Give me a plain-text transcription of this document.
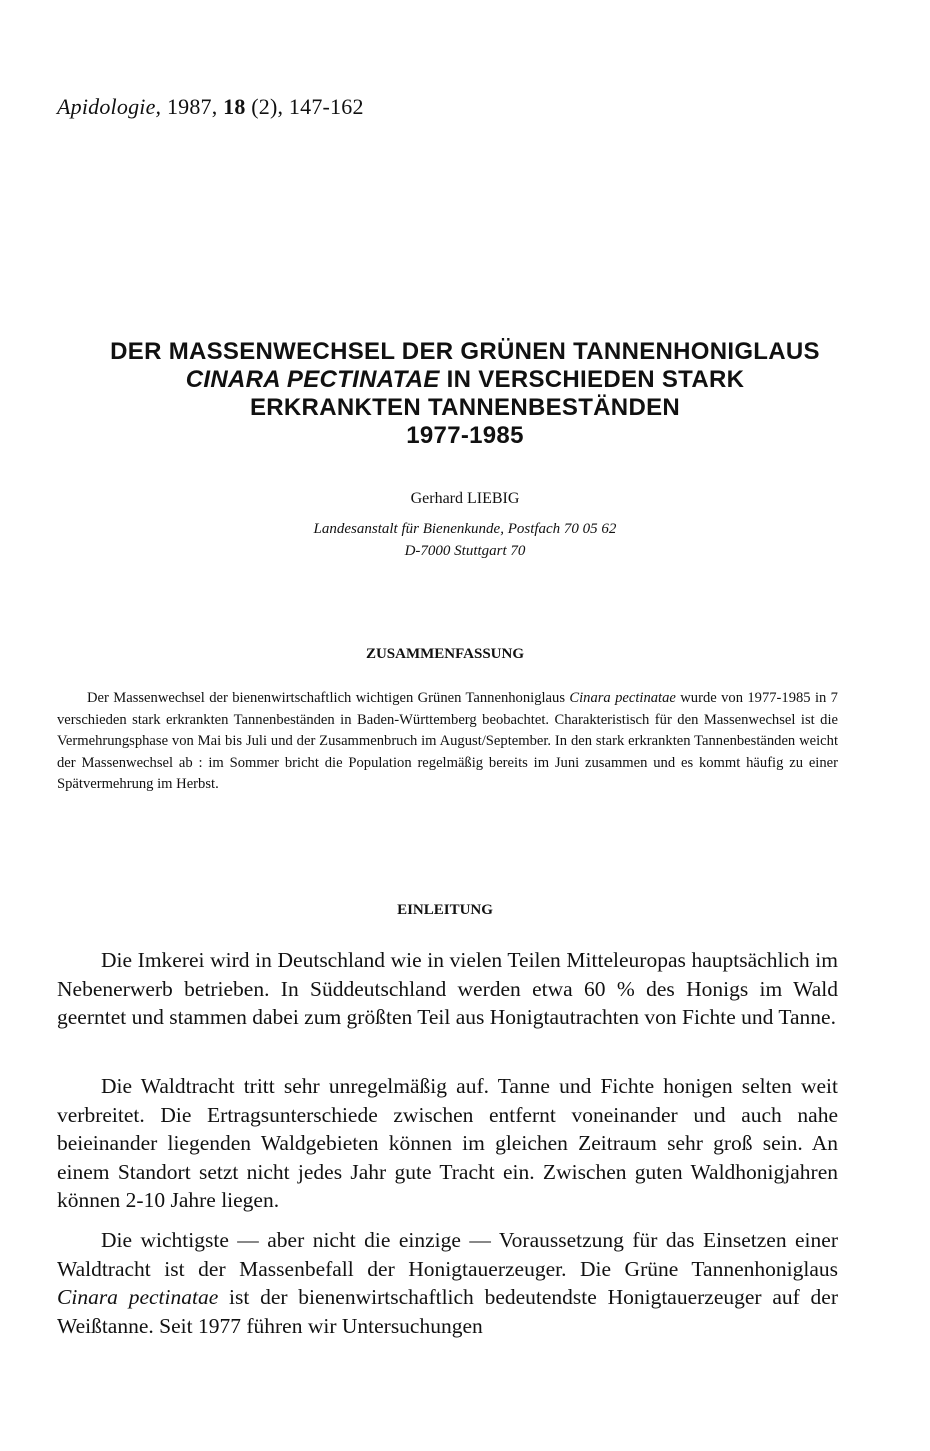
Apidologie, 1987, 18 (2), 147-162
DER MASSENWECHSEL DER GRÜNEN TANNENHONIGLAUS
CINARA PECTINATAE IN VERSCHIEDEN STARK
ERKRANKTEN TANNENBESTÄNDEN
1977-1985
Gerhard LIEBIG
Landesanstalt für Bienenkunde, Postfach 70 05 62
D-7000 Stuttgart 70
ZUSAMMENFASSUNG

Der Massenwechsel der bienenwirtschaftlich wichtigen Grünen Tannenhoniglaus Cinara pectinatae wurde von 1977-1985 in 7 verschieden stark erkrankten Tannenbeständen in Baden-Württemberg beobachtet. Charakteristisch für den Massenwechsel ist die Vermehrungsphase von Mai bis Juli und der Zusammenbruch im August/September. In den stark erkrankten Tannenbeständen weicht der Massenwechsel ab : im Sommer bricht die Population regelmäßig bereits im Juni zusammen und es kommt häufig zu einer Spätvermehrung im Herbst.

EINLEITUNG

Die Imkerei wird in Deutschland wie in vielen Teilen Mitteleuropas hauptsächlich im Nebenerwerb betrieben. In Süddeutschland werden etwa 60 % des Honigs im Wald geerntet und stammen dabei zum größten Teil aus Honigtautrachten von Fichte und Tanne.

Die Waldtracht tritt sehr unregelmäßig auf. Tanne und Fichte honigen selten weit verbreitet. Die Ertragsunterschiede zwischen entfernt voneinander und auch nahe beieinander liegenden Waldgebieten können im gleichen Zeitraum sehr groß sein. An einem Standort setzt nicht jedes Jahr gute Tracht ein. Zwischen guten Waldhonigjahren können 2-10 Jahre liegen.

Die wichtigste — aber nicht die einzige — Voraussetzung für das Einsetzen einer Waldtracht ist der Massenbefall der Honigtauerzeuger. Die Grüne Tannenhoniglaus Cinara pectinatae ist der bienenwirtschaftlich bedeutendste Honigtauerzeuger auf der Weißtanne. Seit 1977 führen wir Untersuchungen
